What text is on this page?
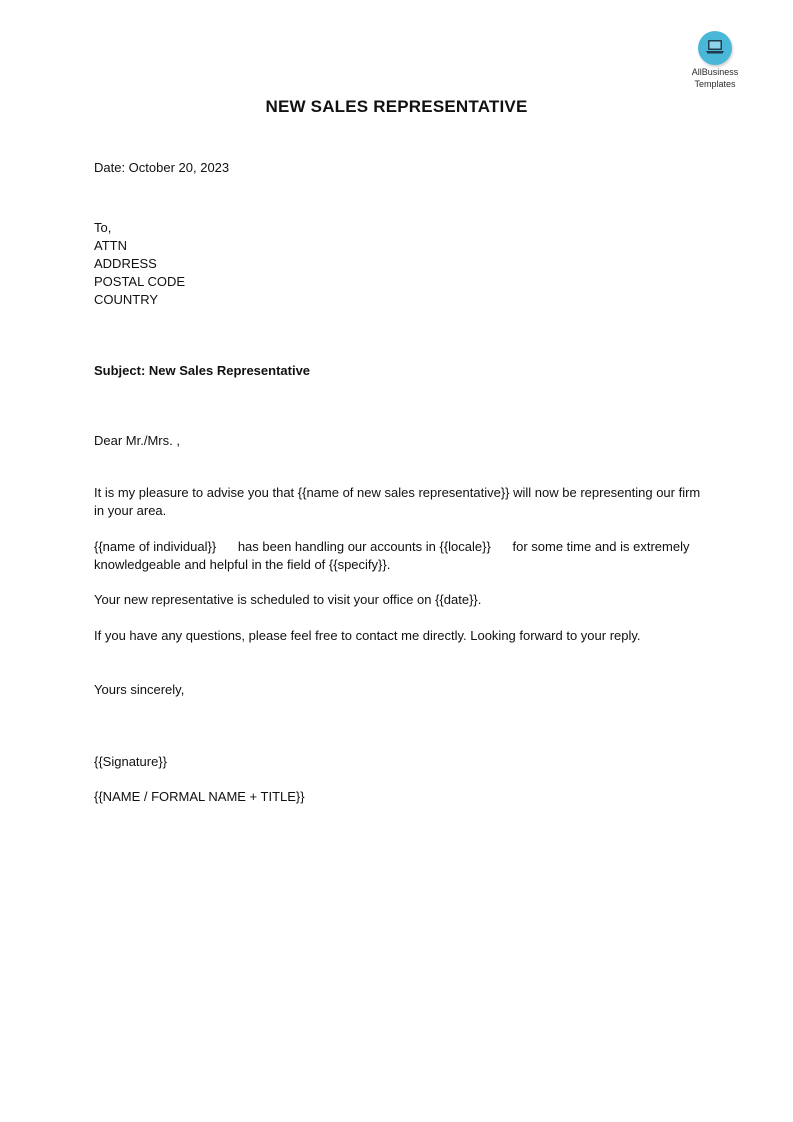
AllBusiness
Templates
NEW SALES REPRESENTATIVE
Date: October 20, 2023
To,
ATTN
ADDRESS
POSTAL CODE
COUNTRY
Subject: New Sales Representative
Dear Mr./Mrs. ,
It is my pleasure to advise you that {{name of new sales representative}} will now be representing our firm in your area.
{{name of individual}}      has been handling our accounts in {{locale}}      for some time and is extremely knowledgeable and helpful in the field of {{specify}}.
Your new representative is scheduled to visit your office on {{date}}.
If you have any questions, please feel free to contact me directly. Looking forward to your reply.
Yours sincerely,
{{Signature}}
{{NAME / FORMAL NAME + TITLE}}
